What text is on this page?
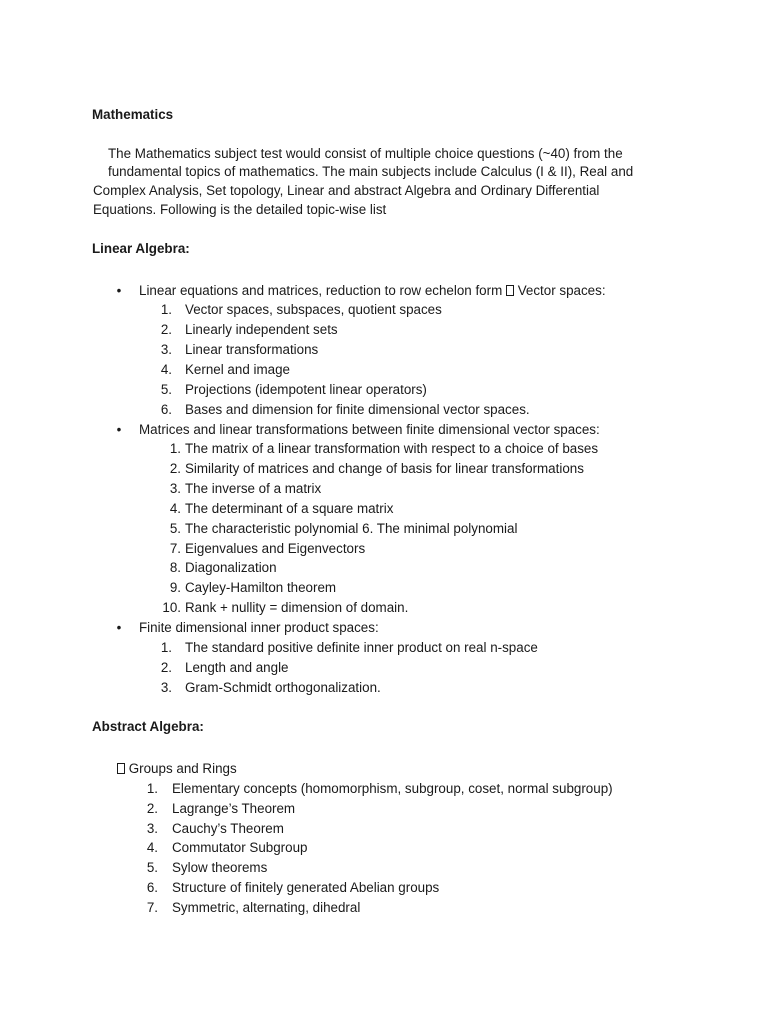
Mathematics
The Mathematics subject test would consist of multiple choice questions (~40) from the
fundamental topics of mathematics. The main subjects include Calculus (I & II), Real and
Complex Analysis, Set topology, Linear and abstract Algebra and Ordinary Differential
Equations. Following is the detailed topic-wise list
Linear Algebra:
• Linear equations and matrices, reduction to row echelon form Vector spaces:
1. Vector spaces, subspaces, quotient spaces
2. Linearly independent sets
3. Linear transformations
4. Kernel and image
5. Projections (idempotent linear operators)
6. Bases and dimension for finite dimensional vector spaces.
• Matrices and linear transformations between finite dimensional vector spaces:
1. The matrix of a linear transformation with respect to a choice of bases
2. Similarity of matrices and change of basis for linear transformations
3. The inverse of a matrix
4. The determinant of a square matrix
5. The characteristic polynomial 6. The minimal polynomial
7. Eigenvalues and Eigenvectors
8. Diagonalization
9. Cayley-Hamilton theorem
10. Rank + nullity = dimension of domain.
• Finite dimensional inner product spaces:
1. The standard positive definite inner product on real n-space
2. Length and angle
3. Gram-Schmidt orthogonalization.
Abstract Algebra:
Groups and Rings
1. Elementary concepts (homomorphism, subgroup, coset, normal subgroup)
2. Lagrange’s Theorem
3. Cauchy’s Theorem
4. Commutator Subgroup
5. Sylow theorems
6. Structure of finitely generated Abelian groups
7. Symmetric, alternating, dihedral
